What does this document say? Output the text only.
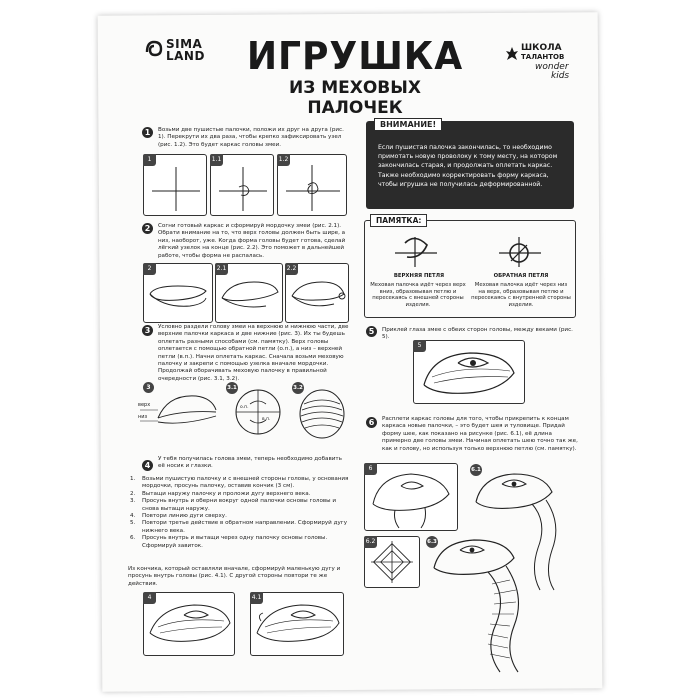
SIMA LAND	ИГРУШКА
ИЗ МЕХОВЫХ ПАЛОЧЕК
ШКОЛА
ТАЛАНТОВ
wonder
kids
1	Возьми две пушистые палочки, положи их друг на друга (рис. 1). Перекрути их два раза, чтобы крепко зафиксировать узел (рис. 1.2). Это будет каркас головы змеи.
1	1.1	1.2
2	Согни готовый каркас и сформируй мордочку змеи (рис. 2.1). Обрати внимание на то, что верх головы должен быть шире, а низ, наоборот, уже. Когда форма головы будет готова, сделай лёгкий узелок на конце (рис. 2.2). Это поможет в дальнейшей работе, чтобы форма не распалась.
2	2.1	2.2
3	Условно раздели голову змеи на верхнюю и нижнюю части, две верхние палочки каркаса и две нижние (рис. 3). Их ты будешь оплетать разными способами (см. памятку). Верх головы оплетается с помощью обратной петли (о.п.), а низ – верхней петли (в.п.). Начни оплетать каркас. Сначала возьми меховую палочку и закрепи с помощью узелка вначале мордочки. Продолжай оборачивать меховую палочку в правильной очередности (рис. 3.1, 3.2).
3
верх
низ
3.1
о.п.
в.п.
3.2
4
У тебя получилась голова змеи, теперь необходимо добавить её носик и глазки.
1. Возьми пушистую палочку и с внешней стороны головы, у основания мордочки, просунь палочку, оставив кончик (3 см).
2. Вытащи наружу палочку и проложи дугу верхнего века.
3. Просунь внутрь и оберни вокруг одной палочки основы головы и снова вытащи наружу.
4. Повтори линию дуги сверху.
5. Повтори третье действие в обратном направлении. Сформируй дугу нижнего века.
6. Просунь внутрь и вытащи через одну палочку основы головы. Сформируй завиток.
Из кончика, который оставляли вначале, сформируй маленькую дугу и просунь внутрь головы (рис. 4.1). С другой стороны повтори те же действия.
4	4.1
ВНИМАНИЕ!
Если пушистая палочка закончилась, то необходимо примотать новую проволоку к тому месту, на котором закончилась старая, и продолжать оплетать каркас. Также необходимо корректировать форму каркаса, чтобы игрушка не получилась деформированной.
ПАМЯТКА:
ВЕРХНЯЯ ПЕТЛЯ
Меховая палочка идёт через верх вниз, образовывая петлю и пересекаясь с внешней стороны изделия.
ОБРАТНАЯ ПЕТЛЯ
Меховая палочка идёт через низ на верх, образовывая петлю и пересекаясь с внутренней стороны изделия.
5	Приклей глаза змее с обеих сторон головы, между веками (рис. 5).
5
6	Расплети каркас головы для того, чтобы прикрепить к концам каркаса новые палочки, – это будет шея и туловище. Придай форму шее, как показано на рисунке (рис. 6.1), её длина примерно две головы змеи. Начиная оплетать шею точно так же, как и голову, но используя только верхнюю петлю (см. памятку).
6
6.2
6.1
6.3
